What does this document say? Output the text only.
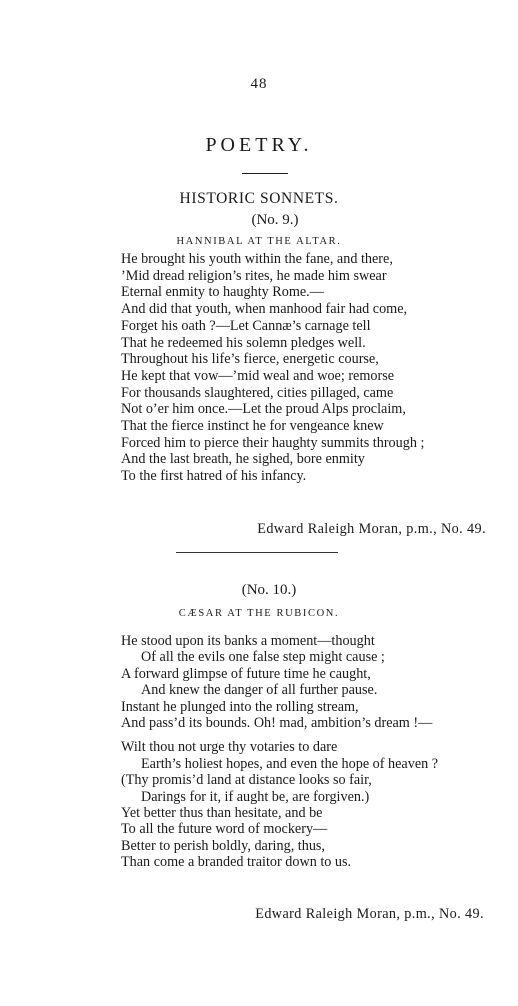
48
POETRY.
HISTORIC SONNETS.
(No. 9.)
HANNIBAL AT THE ALTAR.
He brought his youth within the fane, and there,
’Mid dread religion’s rites, he made him swear
Eternal enmity to haughty Rome.—
And did that youth, when manhood fair had come,
Forget his oath ?—Let Cannæ’s carnage tell
That he redeemed his solemn pledges well.
Throughout his life’s fierce, energetic course,
He kept that vow—’mid weal and woe; remorse
For thousands slaughtered, cities pillaged, came
Not o’er him once.—Let the proud Alps proclaim,
That the fierce instinct he for vengeance knew
Forced him to pierce their haughty summits through ;
And the last breath, he sighed, bore enmity
To the first hatred of his infancy.
Edward Raleigh Moran, p.m., No. 49.
(No. 10.)
CÆSAR AT THE RUBICON.
He stood upon its banks a moment—thought
Of all the evils one false step might cause ;
A forward glimpse of future time he caught,
And knew the danger of all further pause.
Instant he plunged into the rolling stream,
And pass’d its bounds. Oh! mad, ambition’s dream !—
Wilt thou not urge thy votaries to dare
Earth’s holiest hopes, and even the hope of heaven ?
(Thy promis’d land at distance looks so fair,
Darings for it, if aught be, are forgiven.)
Yet better thus than hesitate, and be
To all the future word of mockery—
Better to perish boldly, daring, thus,
Than come a branded traitor down to us.
Edward Raleigh Moran, p.m., No. 49.
